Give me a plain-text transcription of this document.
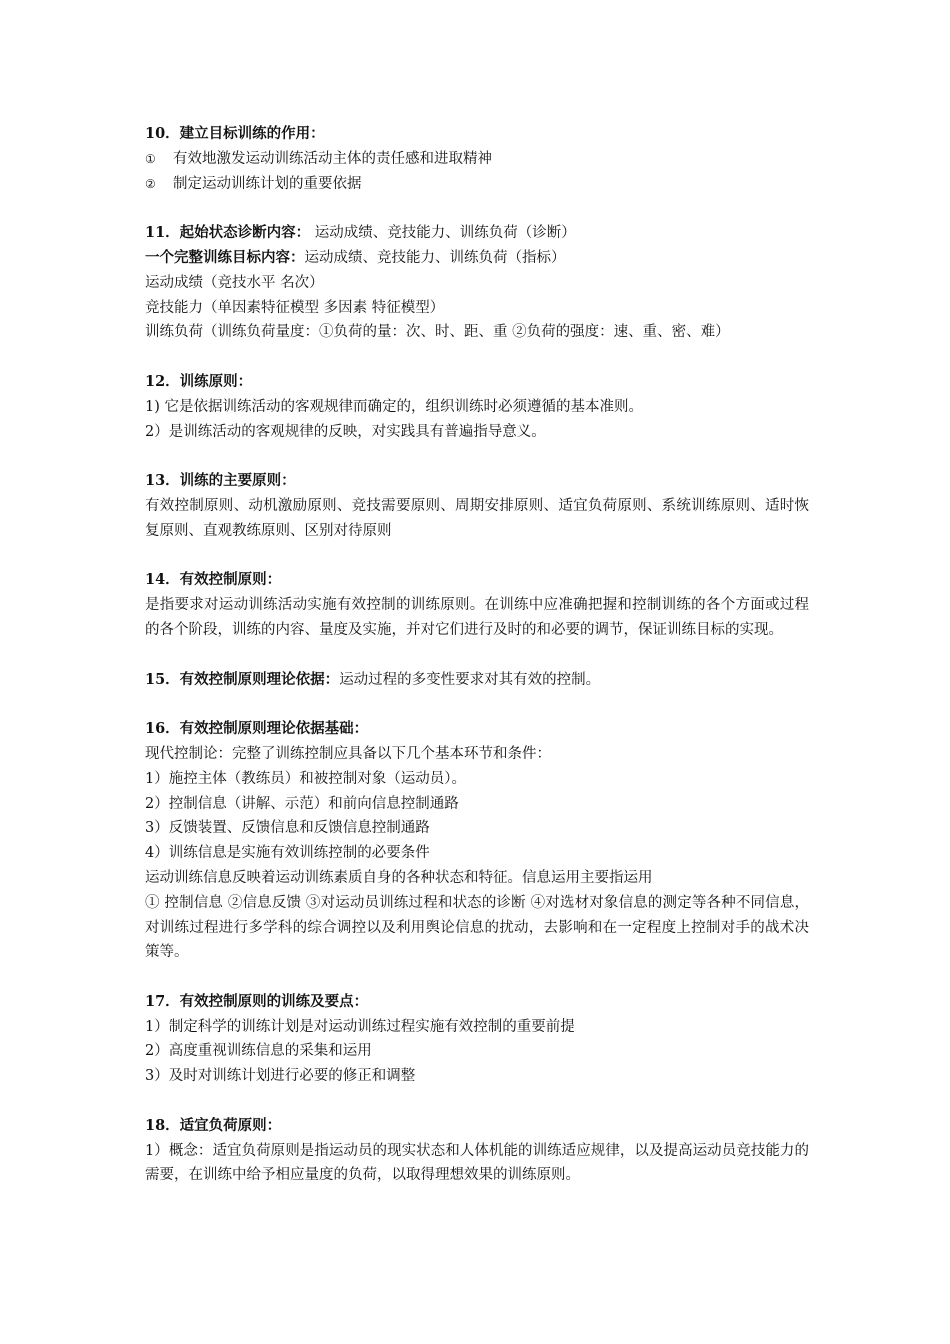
10．建立目标训练的作用：
① 有效地激发运动训练活动主体的责任感和进取精神
② 制定运动训练计划的重要依据
11．起始状态诊断内容： 运动成绩、竞技能力、训练负荷（诊断）
一个完整训练目标内容：运动成绩、竞技能力、训练负荷（指标）
运动成绩（竞技水平 名次）
竞技能力（单因素特征模型 多因素 特征模型）
训练负荷（训练负荷量度：①负荷的量：次、时、距、重 ②负荷的强度：速、重、密、难）
12．训练原则：
1) 它是依据训练活动的客观规律而确定的，组织训练时必须遵循的基本准则。
2）是训练活动的客观规律的反映，对实践具有普遍指导意义。
13．训练的主要原则：
有效控制原则、动机激励原则、竞技需要原则、周期安排原则、适宜负荷原则、系统训练原则、适时恢复原则、直观教练原则、区别对待原则
14．有效控制原则：
是指要求对运动训练活动实施有效控制的训练原则。在训练中应准确把握和控制训练的各个方面或过程的各个阶段，训练的内容、量度及实施，并对它们进行及时的和必要的调节，保证训练目标的实现。
15．有效控制原则理论依据：运动过程的多变性要求对其有效的控制。
16．有效控制原则理论依据基础：
现代控制论：完整了训练控制应具备以下几个基本环节和条件：
1）施控主体（教练员）和被控制对象（运动员）。
2）控制信息（讲解、示范）和前向信息控制通路
3）反馈装置、反馈信息和反馈信息控制通路
4）训练信息是实施有效训练控制的必要条件
运动训练信息反映着运动训练素质自身的各种状态和特征。信息运用主要指运用
① 控制信息 ②信息反馈 ③对运动员训练过程和状态的诊断 ④对选材对象信息的测定等各种不同信息，对训练过程进行多学科的综合调控以及利用舆论信息的扰动，去影响和在一定程度上控制对手的战术决策等。
17．有效控制原则的训练及要点：
1）制定科学的训练计划是对运动训练过程实施有效控制的重要前提
2）高度重视训练信息的采集和运用
3）及时对训练计划进行必要的修正和调整
18．适宜负荷原则：
1）概念：适宜负荷原则是指运动员的现实状态和人体机能的训练适应规律，以及提高运动员竞技能力的需要，在训练中给予相应量度的负荷，以取得理想效果的训练原则。
